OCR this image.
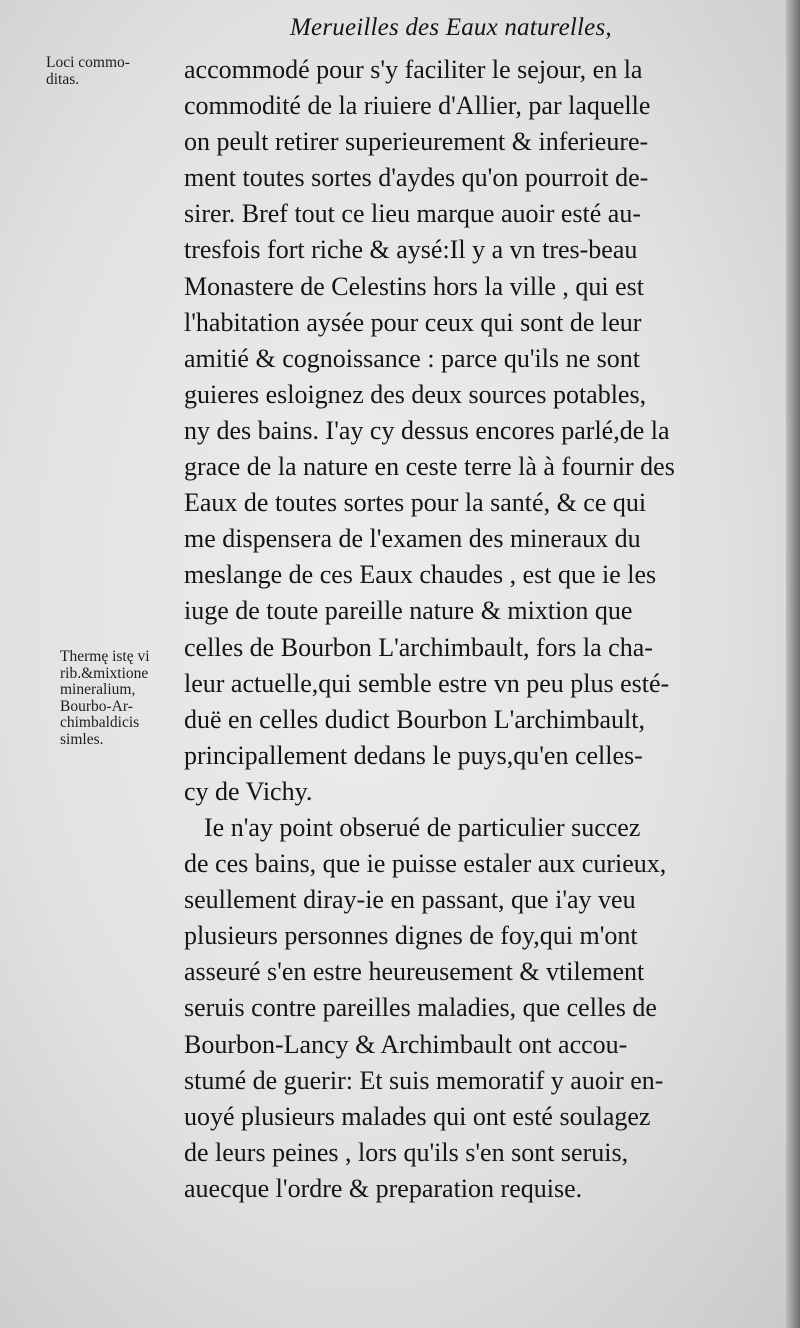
Merueilles des Eaux naturelles,
Loci commo-
ditas.
Thermę istę vi
rib.&mixtione
mineralium,
Bourbo-Ar-
chimbaldicis
simles.
accommodé pour s'y faciliter le sejour, en la
commodité de la riuiere d'Allier, par laquelle
on peult retirer superieurement & inferieure-
ment toutes sortes d'aydes qu'on pourroit de-
sirer. Bref tout ce lieu marque auoir esté au-
tresfois fort riche & aysé:Il y a vn tres-beau
Monastere de Celestins hors la ville , qui est
l'habitation aysée pour ceux qui sont de leur
amitié & cognoissance : parce qu'ils ne sont
guieres esloignez des deux sources potables,
ny des bains. I'ay cy dessus encores parlé,de la
grace de la nature en ceste terre là à fournir des
Eaux de toutes sortes pour la santé, & ce qui
me dispensera de l'examen des mineraux du
meslange de ces Eaux chaudes , est que ie les
iuge de toute pareille nature & mixtion que
celles de Bourbon L'archimbault, fors la cha-
leur actuelle,qui semble estre vn peu plus esté-
duë en celles dudict Bourbon L'archimbault,
principallement dedans le puys,qu'en celles-
cy de Vichy.
Ie n'ay point obserué de particulier succez
de ces bains, que ie puisse estaler aux curieux,
seullement diray-ie en passant, que i'ay veu
plusieurs personnes dignes de foy,qui m'ont
asseuré s'en estre heureusement & vtilement
seruis contre pareilles maladies, que celles de
Bourbon-Lancy & Archimbault ont accou-
stumé de guerir: Et suis memoratif y auoir en-
uoyé plusieurs malades qui ont esté soulagez
de leurs peines , lors qu'ils s'en sont seruis,
auecque l'ordre & preparation requise.
